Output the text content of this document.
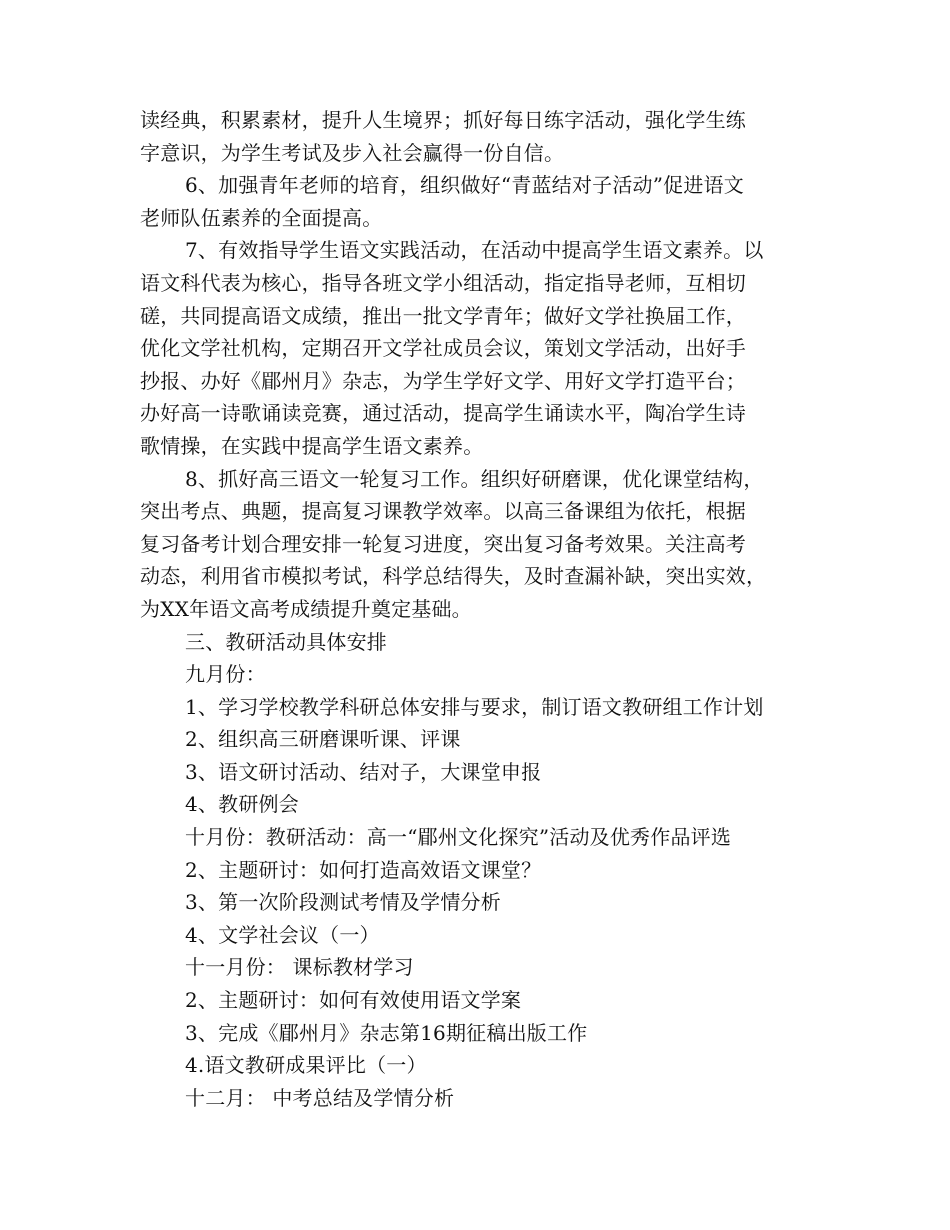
读经典，积累素材，提升人生境界；抓好每日练字活动，强化学生练
字意识，为学生考试及步入社会赢得一份自信。
6、加强青年老师的培育，组织做好“青蓝结对子活动”促进语文
老师队伍素养的全面提高。
7、有效指导学生语文实践活动，在活动中提高学生语文素养。以
语文科代表为核心，指导各班文学小组活动，指定指导老师，互相切
磋，共同提高语文成绩，推出一批文学青年；做好文学社换届工作，
优化文学社机构，定期召开文学社成员会议，策划文学活动，出好手
抄报、办好《郿州月》杂志，为学生学好文学、用好文学打造平台；
办好高一诗歌诵读竞赛，通过活动，提高学生诵读水平，陶冶学生诗
歌情操，在实践中提高学生语文素养。
8、抓好高三语文一轮复习工作。组织好研磨课，优化课堂结构，
突出考点、典题，提高复习课教学效率。以高三备课组为依托，根据
复习备考计划合理安排一轮复习进度，突出复习备考效果。关注高考
动态，利用省市模拟考试，科学总结得失，及时查漏补缺，突出实效，
为XX年语文高考成绩提升奠定基础。
三、教研活动具体安排
九月份：
1、学习学校教学科研总体安排与要求，制订语文教研组工作计划
2、组织高三研磨课听课、评课
3、语文研讨活动、结对子，大课堂申报
4、教研例会
十月份：教研活动：高一“郿州文化探究”活动及优秀作品评选
2、主题研讨：如何打造高效语文课堂？
3、第一次阶段测试考情及学情分析
4、文学社会议（一）
十一月份： 课标教材学习
2、主题研讨：如何有效使用语文学案
3、完成《郿州月》杂志第16期征稿出版工作
4.语文教研成果评比（一）
十二月： 中考总结及学情分析
